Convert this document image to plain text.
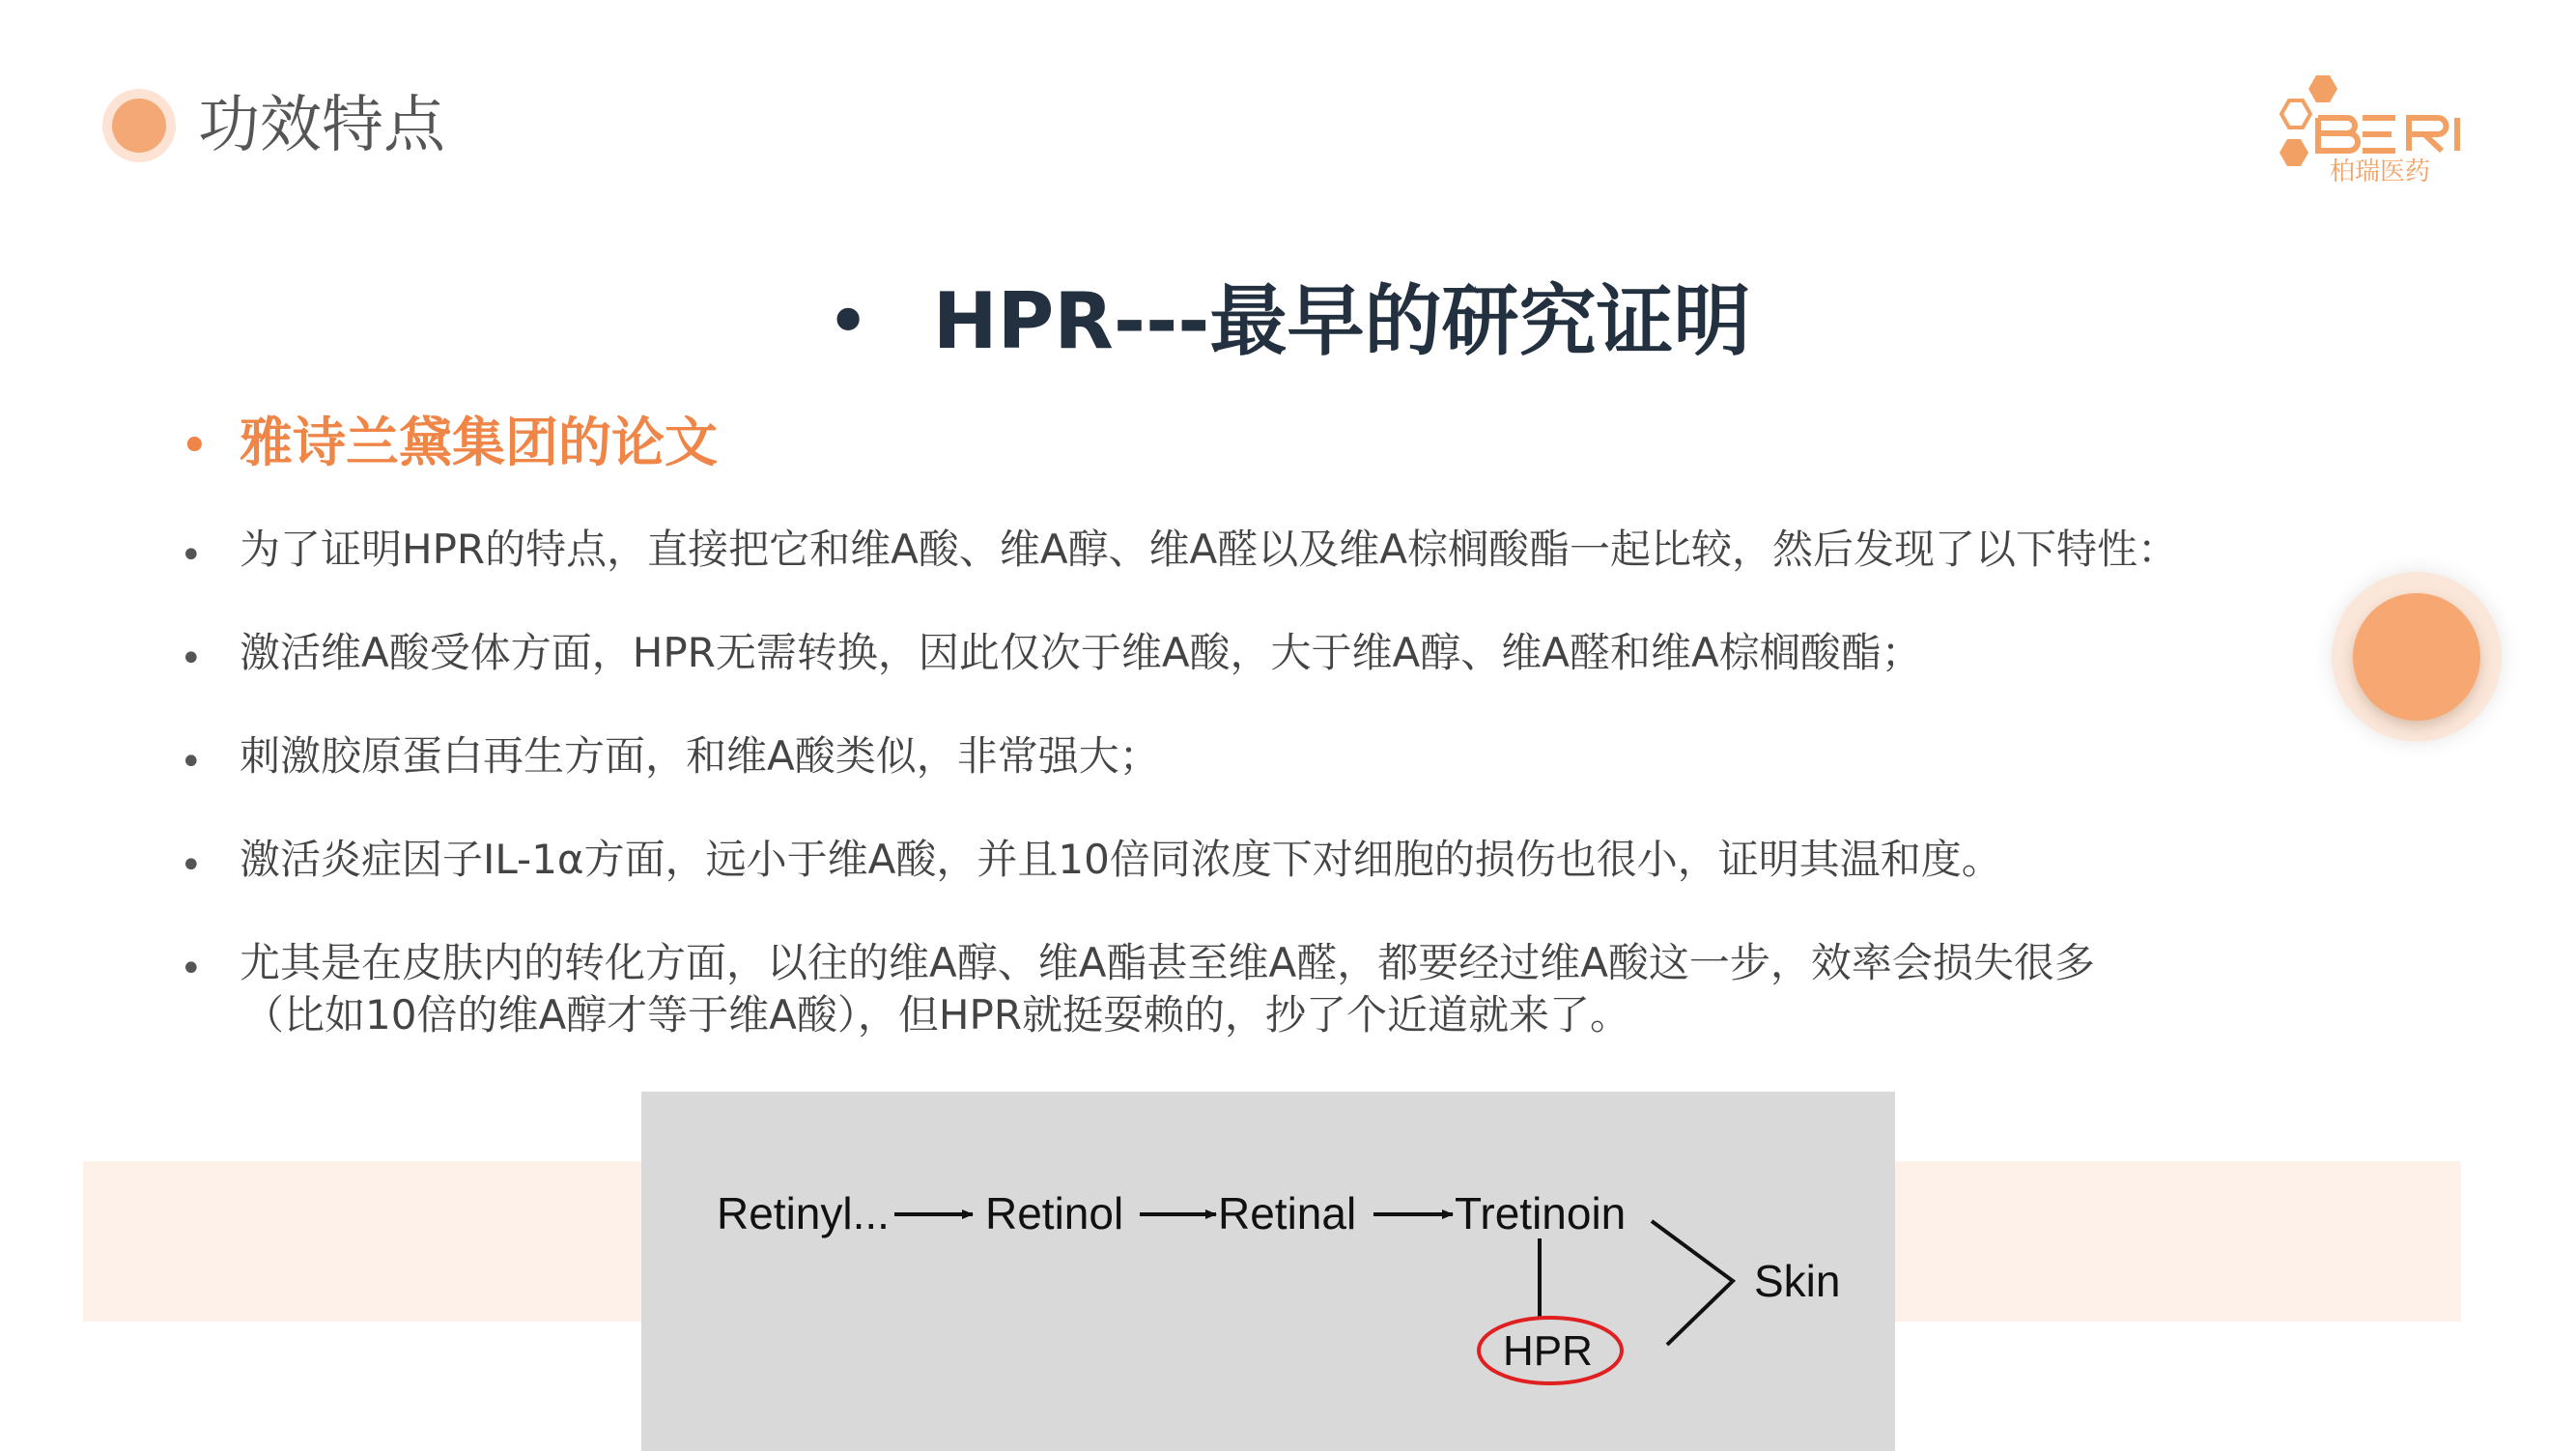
功效特点
柏瑞医药
• HPR---最早的研究证明
• 雅诗兰黛集团的论文
• 为了证明HPR的特点，直接把它和维A酸、维A醇、维A醛以及维A棕榈酸酯一起比较，然后发现了以下特性：
• 激活维A酸受体方面，HPR无需转换，因此仅次于维A酸，大于维A醇、维A醛和维A棕榈酸酯；
• 刺激胶原蛋白再生方面，和维A酸类似，非常强大；
• 激活炎症因子IL-1α方面，远小于维A酸，并且10倍同浓度下对细胞的损伤也很小，证明其温和度。
• 尤其是在皮肤内的转化方面，以往的维A醇、维A酯甚至维A醛，都要经过维A酸这一步，效率会损失很多
（比如10倍的维A醇才等于维A酸），但HPR就挺耍赖的，抄了个近道就来了。
Retinyl... Retinol Retinal Tretinoin
Skin
HPR
